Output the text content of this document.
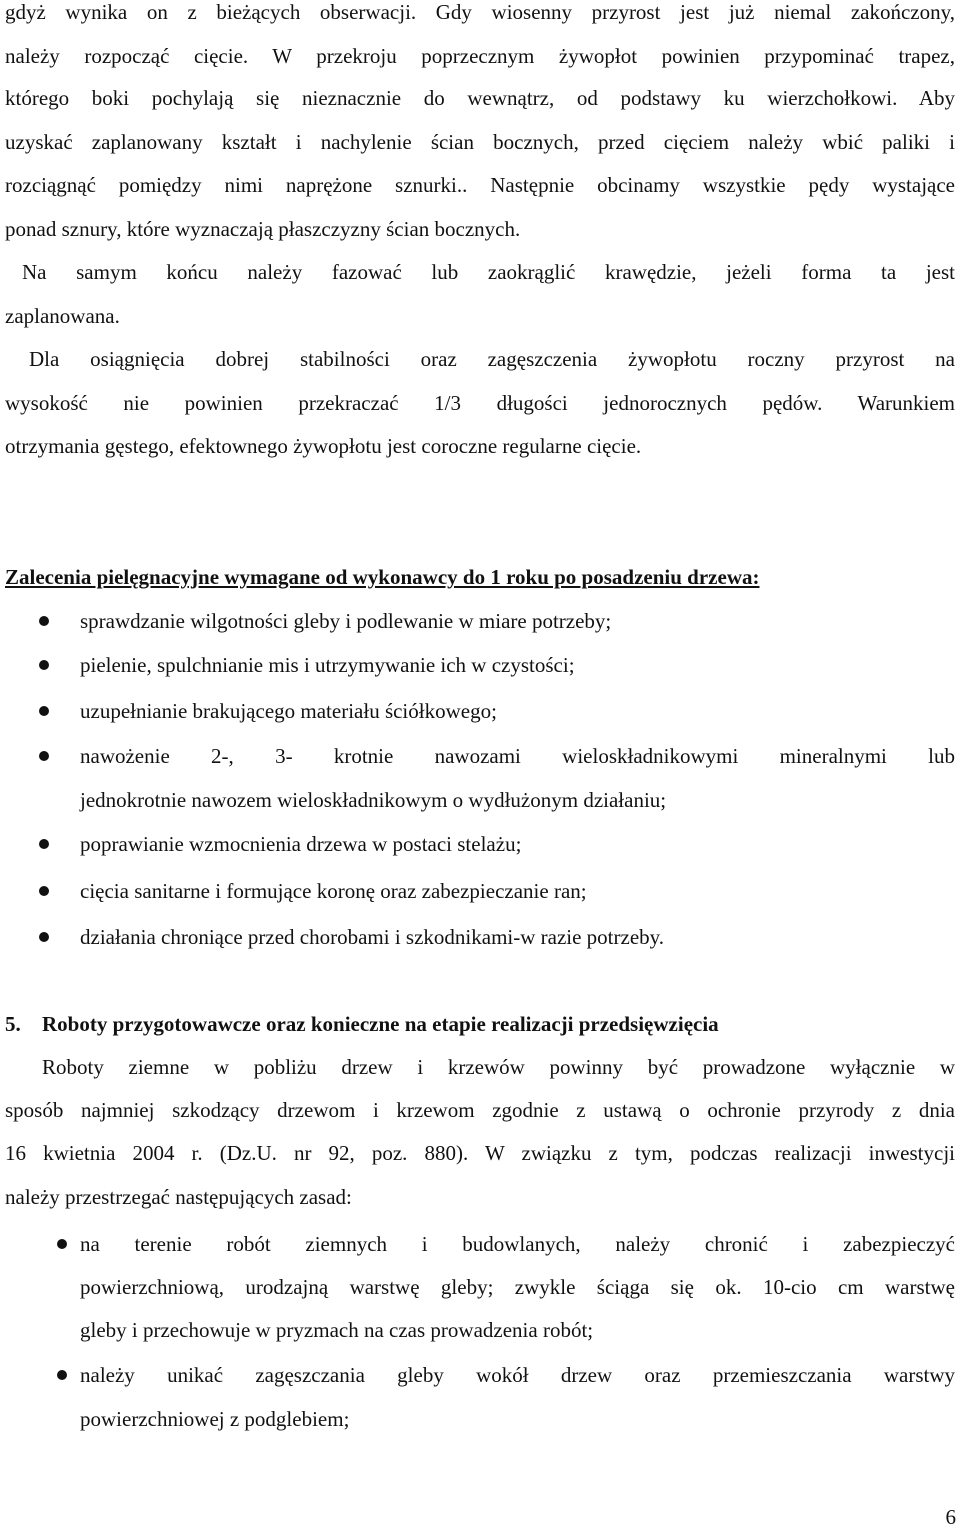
gdyż wynika on z bieżących obserwacji. Gdy wiosenny przyrost jest już niemal zakończony,
należy rozpocząć cięcie. W przekroju poprzecznym żywopłot powinien przypominać trapez,
którego boki pochylają się nieznacznie do wewnątrz, od podstawy ku wierzchołkowi. Aby
uzyskać zaplanowany kształt i nachylenie ścian bocznych, przed cięciem należy wbić paliki i
rozciągnąć pomiędzy nimi naprężone sznurki.. Następnie obcinamy wszystkie pędy wystające
ponad sznury, które wyznaczają płaszczyzny ścian bocznych.
Na samym końcu należy fazować lub zaokrąglić krawędzie, jeżeli forma ta jest
zaplanowana.
Dla osiągnięcia dobrej stabilności oraz zagęszczenia żywopłotu roczny przyrost na
wysokość nie powinien przekraczać 1/3 długości jednorocznych pędów. Warunkiem
otrzymania gęstego, efektownego żywopłotu jest coroczne regularne cięcie.
Zalecenia pielęgnacyjne wymagane od wykonawcy do 1 roku po posadzeniu drzewa:
sprawdzanie wilgotności gleby i podlewanie w miare potrzeby;
pielenie, spulchnianie mis i utrzymywanie ich w czystości;
uzupełnianie brakującego materiału ściółkowego;
nawożenie 2-, 3- krotnie nawozami wieloskładnikowymi mineralnymi lub
jednokrotnie nawozem wieloskładnikowym o wydłużonym działaniu;
poprawianie wzmocnienia drzewa w postaci stelażu;
cięcia sanitarne i formujące koronę oraz zabezpieczanie ran;
działania chroniące przed chorobami i szkodnikami-w razie potrzeby.
5.	Roboty przygotowawcze oraz konieczne na etapie realizacji przedsięwzięcia
Roboty ziemne w pobliżu drzew i krzewów powinny być prowadzone wyłącznie w
sposób najmniej szkodzący drzewom i krzewom zgodnie z ustawą o ochronie przyrody z dnia
16 kwietnia 2004 r. (Dz.U. nr 92, poz. 880). W związku z tym, podczas realizacji inwestycji
należy przestrzegać następujących zasad:
na terenie robót ziemnych i budowlanych, należy chronić i zabezpieczyć
powierzchniową, urodzajną warstwę gleby; zwykle ściąga się ok. 10-cio cm warstwę
gleby i przechowuje w pryzmach na czas prowadzenia robót;
należy unikać zagęszczania gleby wokół drzew oraz przemieszczania warstwy
powierzchniowej z podglebiem;
6
